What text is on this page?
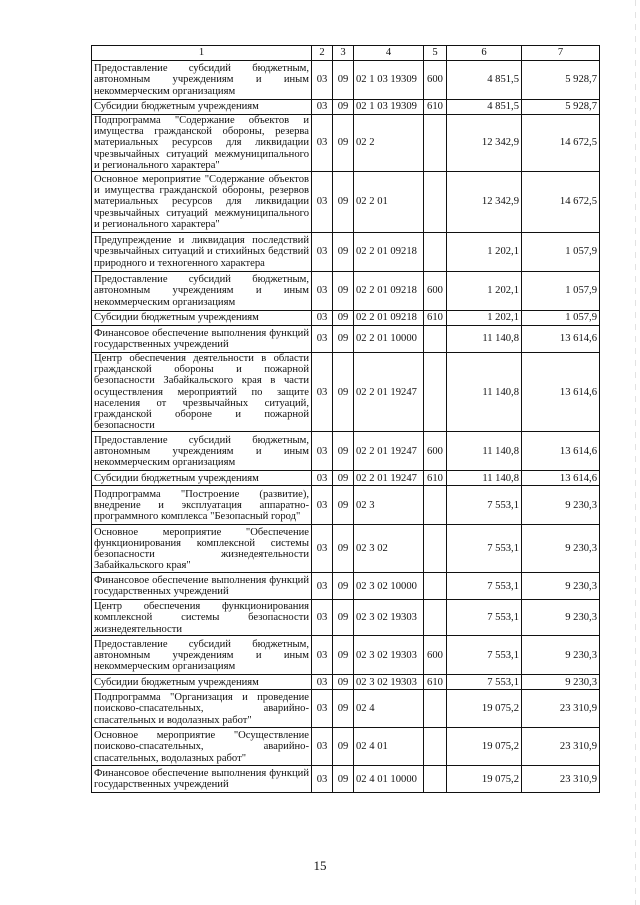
1	2	3	4	5	6	7
Предоставление субсидий бюджетным, автономным учреждениям и иным некоммерческим организациям	03	09	02 1 03 19309	600	4 851,5	5 928,7
Субсидии бюджетным учреждениям	03	09	02 1 03 19309	610	4 851,5	5 928,7
Подпрограмма "Содержание объектов и имущества гражданской обороны, резерва материальных ресурсов для ликвидации чрезвычайных ситуаций межмуниципального и регионального характера"	03	09	02 2		12 342,9	14 672,5
Основное мероприятие "Содержание объектов и имущества гражданской обороны, резервов материальных ресурсов для ликвидации чрезвычайных ситуаций межмуниципального и регионального характера"	03	09	02 2 01		12 342,9	14 672,5
Предупреждение и ликвидация последствий чрезвычайных ситуаций и стихийных бедствий природного и техногенного характера	03	09	02 2 01 09218		1 202,1	1 057,9
Предоставление субсидий бюджетным, автономным учреждениям и иным некоммерческим организациям	03	09	02 2 01 09218	600	1 202,1	1 057,9
Субсидии бюджетным учреждениям	03	09	02 2 01 09218	610	1 202,1	1 057,9
Финансовое обеспечение выполнения функций государственных учреждений	03	09	02 2 01 10000		11 140,8	13 614,6
Центр обеспечения деятельности в области гражданской обороны и пожарной безопасности Забайкальского края в части осуществления мероприятий по защите населения от чрезвычайных ситуаций, гражданской обороне и пожарной безопасности	03	09	02 2 01 19247		11 140,8	13 614,6
Предоставление субсидий бюджетным, автономным учреждениям и иным некоммерческим организациям	03	09	02 2 01 19247	600	11 140,8	13 614,6
Субсидии бюджетным учреждениям	03	09	02 2 01 19247	610	11 140,8	13 614,6
Подпрограмма "Построение (развитие), внедрение и эксплуатация аппаратно-программного комплекса "Безопасный город"	03	09	02 3		7 553,1	9 230,3
Основное мероприятие "Обеспечение функционирования комплексной системы безопасности жизнедеятельности Забайкальского края"	03	09	02 3 02		7 553,1	9 230,3
Финансовое обеспечение выполнения функций государственных учреждений	03	09	02 3 02 10000		7 553,1	9 230,3
Центр обеспечения функционирования комплексной системы безопасности жизнедеятельности	03	09	02 3 02 19303		7 553,1	9 230,3
Предоставление субсидий бюджетным, автономным учреждениям и иным некоммерческим организациям	03	09	02 3 02 19303	600	7 553,1	9 230,3
Субсидии бюджетным учреждениям	03	09	02 3 02 19303	610	7 553,1	9 230,3
Подпрограмма "Организация и проведение поисково-спасательных, аварийно-спасательных и водолазных работ"	03	09	02 4		19 075,2	23 310,9
Основное мероприятие "Осуществление поисково-спасательных, аварийно-спасательных, водолазных работ"	03	09	02 4 01		19 075,2	23 310,9
Финансовое обеспечение выполнения функций государственных учреждений	03	09	02 4 01 10000		19 075,2	23 310,9
15
